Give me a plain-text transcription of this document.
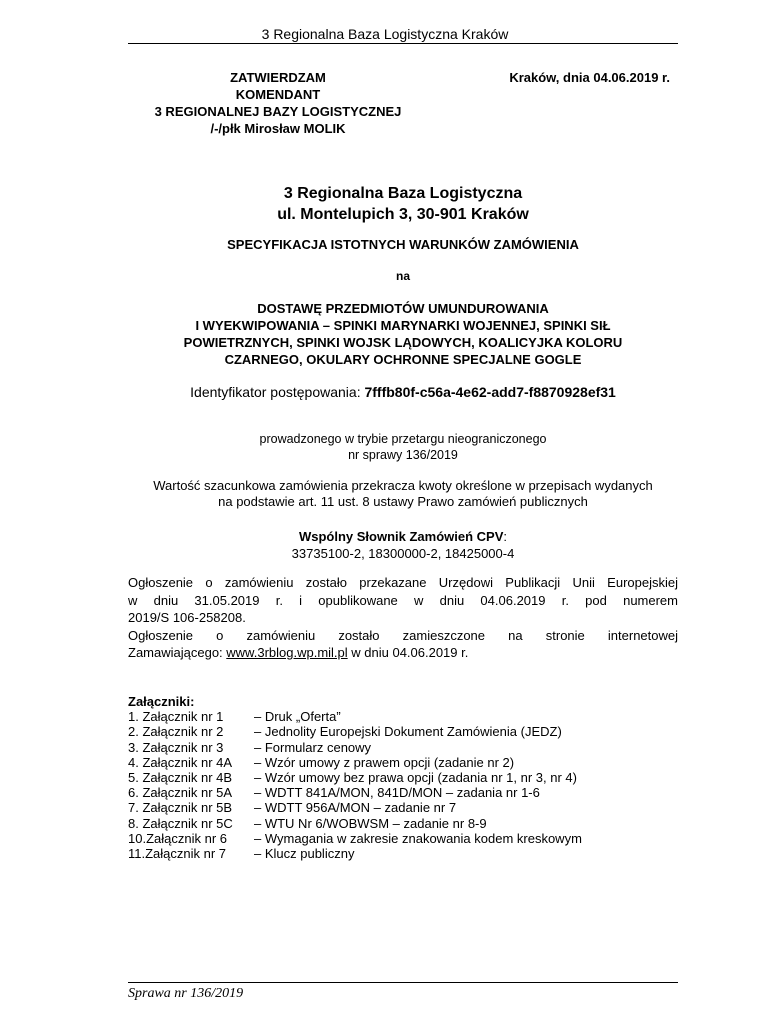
3 Regionalna Baza Logistyczna Kraków
ZATWIERDZAM
KOMENDANT
3 REGIONALNEJ BAZY LOGISTYCZNEJ
/-/płk Mirosław MOLIK
Kraków, dnia 04.06.2019 r.
3 Regionalna Baza Logistyczna
ul. Montelupich 3, 30-901 Kraków
SPECYFIKACJA ISTOTNYCH WARUNKÓW ZAMÓWIENIA
na
DOSTAWĘ PRZEDMIOTÓW UMUNDUROWANIA
I WYEKWIPOWANIA – SPINKI MARYNARKI WOJENNEJ, SPINKI SIŁ
POWIETRZNYCH, SPINKI WOJSK LĄDOWYCH, KOALICYJKA KOLORU
CZARNEGO, OKULARY OCHRONNE SPECJALNE GOGLE
Identyfikator postępowania: 7fffb80f-c56a-4e62-add7-f8870928ef31
prowadzonego w trybie przetargu nieograniczonego
nr sprawy 136/2019
Wartość szacunkowa zamówienia przekracza kwoty określone w przepisach wydanych
na podstawie art. 11 ust. 8 ustawy Prawo zamówień publicznych
Wspólny Słownik Zamówień CPV:
33735100-2, 18300000-2, 18425000-4
Ogłoszenie o zamówieniu zostało przekazane Urzędowi Publikacji Unii Europejskiej
w dniu 31.05.2019 r. i opublikowane w dniu 04.06.2019 r. pod numerem
2019/S 106-258208.
Ogłoszenie o zamówieniu zostało zamieszczone na stronie internetowej
Zamawiającego: www.3rblog.wp.mil.pl w dniu 04.06.2019 r.
Załączniki:
1. Załącznik nr 1	– Druk „Oferta”
2. Załącznik nr 2	– Jednolity Europejski Dokument Zamówienia (JEDZ)
3. Załącznik nr 3	– Formularz cenowy
4. Załącznik nr 4A	– Wzór umowy z prawem opcji (zadanie nr 2)
5. Załącznik nr 4B	– Wzór umowy bez prawa opcji (zadania nr 1, nr 3, nr 4)
6. Załącznik nr 5A	– WDTT 841A/MON, 841D/MON – zadania nr 1-6
7. Załącznik nr 5B	– WDTT 956A/MON – zadanie nr 7
8. Załącznik nr 5C	– WTU Nr 6/WOBWSM – zadanie nr 8-9
10.Załącznik nr 6	– Wymagania w zakresie znakowania kodem kreskowym
11.Załącznik nr 7	– Klucz publiczny
Sprawa nr 136/2019
